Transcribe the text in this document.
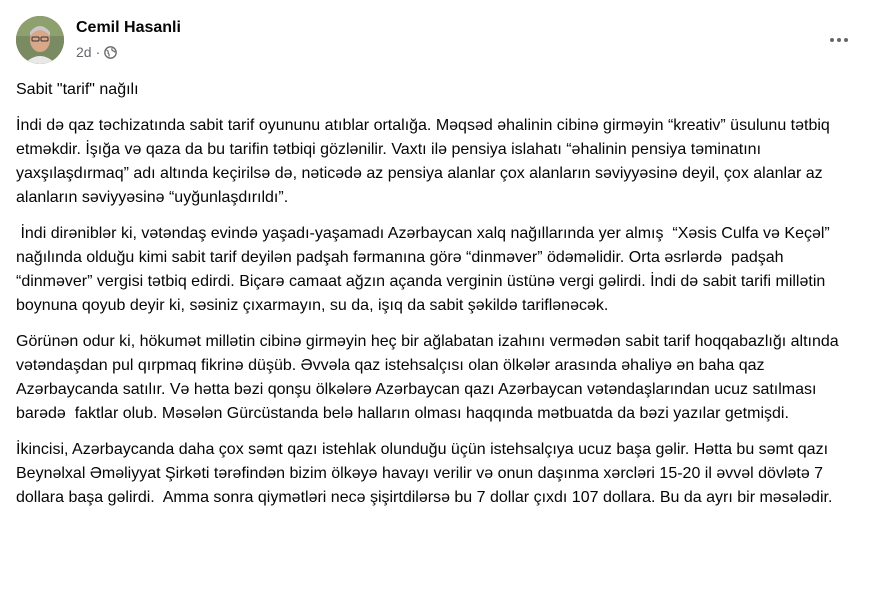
Cemil Hasanli
2d ·

Sabit "tarif" nağılı

İndi də qaz təchizatında sabit tarif oyununu atıblar ortalığa. Məqsəd əhalinin cibinə girməyin “kreativ” üsulunu tətbiq etməkdir. İşığa və qaza da bu tarifin tətbiqi gözlənilir. Vaxtı ilə pensiya islahatı “əhalinin pensiya təminatını yaxşılaşdırmaq” adı altında keçirilsə də, nəticədə az pensiya alanlar çox alanların səviyyəsinə deyil, çox alanlar az alanların səviyyəsinə “uyğunlaşdırıldı”.

İndi dirəniblər ki, vətəndaş evində yaşadı-yaşamadı Azərbaycan xalq nağıllarında yer almış  “Xəsis Culfa və Keçəl” nağılında olduğu kimi sabit tarif deyilən padşah fərmanına görə “dinməver” ödəməlidir. Orta əsrlərdə  padşah “dinməver” vergisi tətbiq edirdi. Biçarə camaat ağzın açanda verginin üstünə vergi gəlirdi. İndi də sabit tarifi millətin boynuna qoyub deyir ki, səsiniz çıxarmayın, su da, işıq da sabit şəkildə tariflənəcək.

Görünən odur ki, hökumət millətin cibinə girməyin heç bir ağlabatan izahını vermədən sabit tarif hoqqabazlığı altında vətəndaşdan pul qırpmaq fikrinə düşüb. Əvvəla qaz istehsalçısı olan ölkələr arasında əhaliyə ən baha qaz Azərbaycanda satılır. Və hətta bəzi qonşu ölkələrə Azərbaycan qazı Azərbaycan vətəndaşlarından ucuz satılması barədə  faktlar olub. Məsələn Gürcüstanda belə halların olması haqqında mətbuatda da bəzi yazılar getmişdi.

İkincisi, Azərbaycanda daha çox səmt qazı istehlak olunduğu üçün istehsalçıya ucuz başa gəlir. Hətta bu səmt qazı Beynəlxal Əməliyyat Şirkəti tərəfindən bizim ölkəyə havayı verilir və onun daşınma xərcləri 15-20 il əvvəl dövlətə 7 dollara başa gəlirdi.  Amma sonra qiymətləri necə şişirtdilərsə bu 7 dollar çıxdı 107 dollara. Bu da ayrı bir məsələdir.
